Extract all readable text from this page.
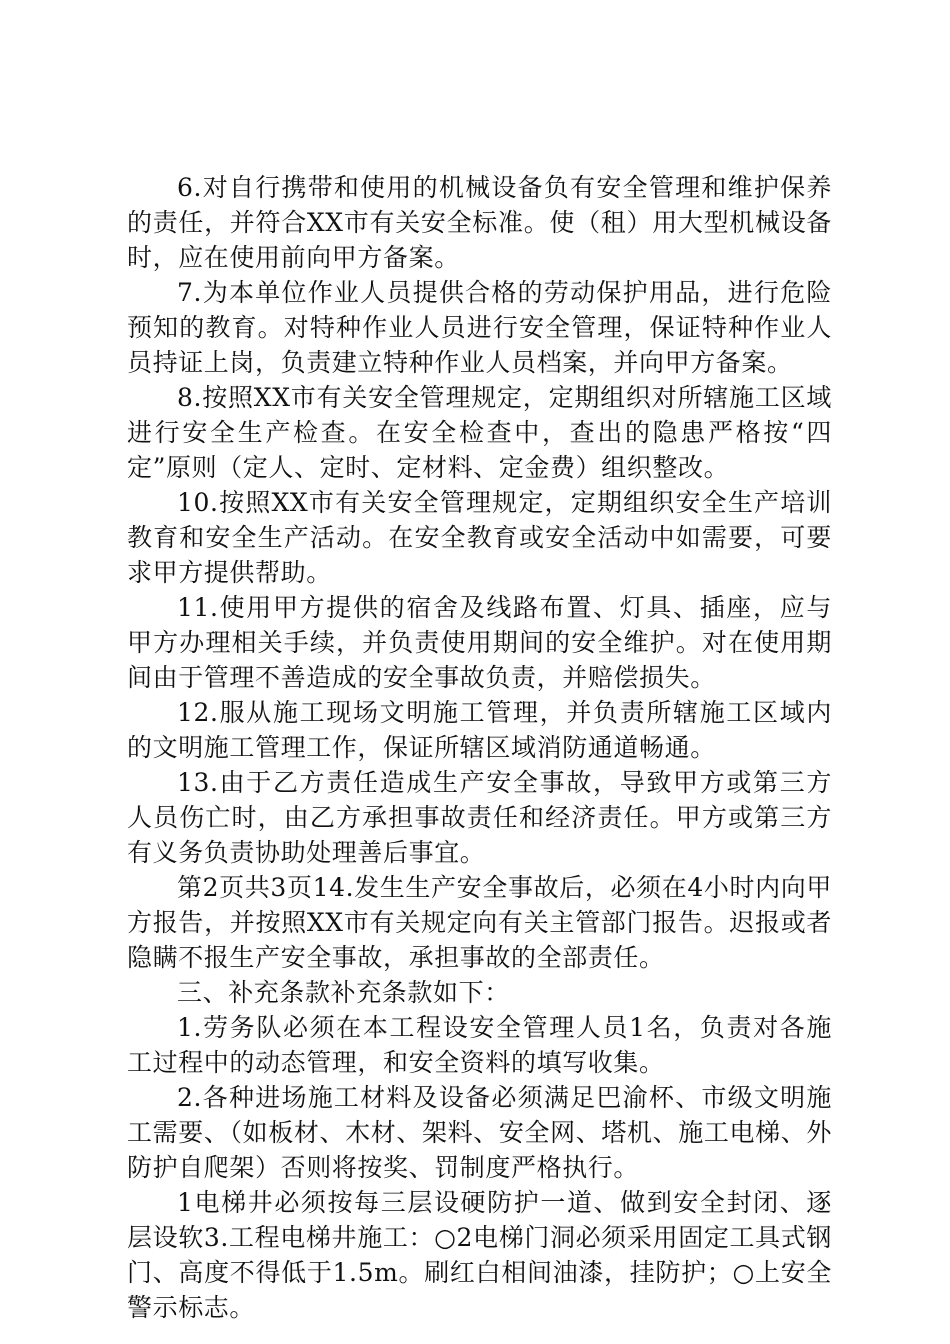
6.对自行携带和使用的机械设备负有安全管理和维护保养的责任，并符合XX市有关安全标准。使（租）用大型机械设备时，应在使用前向甲方备案。

7.为本单位作业人员提供合格的劳动保护用品，进行危险预知的教育。对特种作业人员进行安全管理，保证特种作业人员持证上岗，负责建立特种作业人员档案，并向甲方备案。

8.按照XX市有关安全管理规定，定期组织对所辖施工区域进行安全生产检查。在安全检查中，查出的隐患严格按“四定”原则（定人、定时、定材料、定金费）组织整改。

10.按照XX市有关安全管理规定，定期组织安全生产培训教育和安全生产活动。在安全教育或安全活动中如需要，可要求甲方提供帮助。

11.使用甲方提供的宿舍及线路布置、灯具、插座，应与甲方办理相关手续，并负责使用期间的安全维护。对在使用期间由于管理不善造成的安全事故负责，并赔偿损失。

12.服从施工现场文明施工管理，并负责所辖施工区域内的文明施工管理工作，保证所辖区域消防通道畅通。

13.由于乙方责任造成生产安全事故，导致甲方或第三方人员伤亡时，由乙方承担事故责任和经济责任。甲方或第三方有义务负责协助处理善后事宜。

第2页共3页14.发生生产安全事故后，必须在4小时内向甲方报告，并按照XX市有关规定向有关主管部门报告。迟报或者隐瞒不报生产安全事故，承担事故的全部责任。

三、补充条款补充条款如下：

1.劳务队必须在本工程设安全管理人员1名，负责对各施工过程中的动态管理，和安全资料的填写收集。

2.各种进场施工材料及设备必须满足巴渝杯、市级文明施工需要、（如板材、木材、架料、安全网、塔机、施工电梯、外防护自爬架）否则将按奖、罚制度严格执行。

1电梯井必须按每三层设硬防护一道、做到安全封闭、逐层设软3.工程电梯井施工：○2电梯门洞必须采用固定工具式钢门、高度不得低于1.5m。刷红白相间油漆，挂防护；○上安全警示标志。
